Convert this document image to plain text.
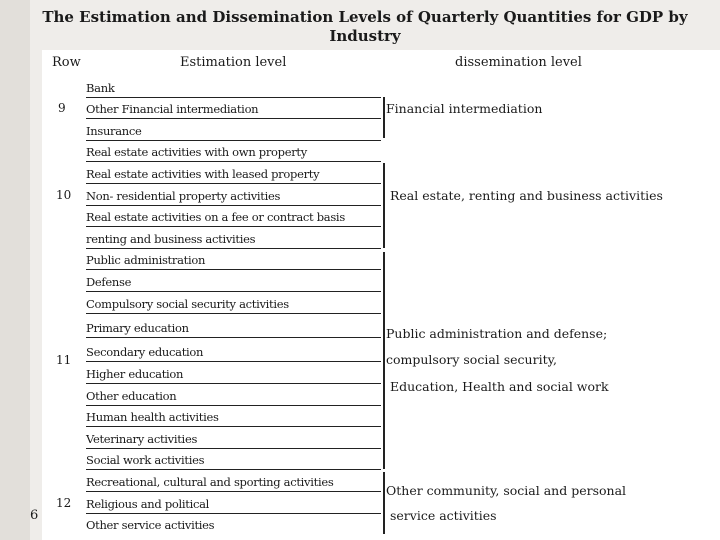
The Estimation and Dissemination Levels of Quarterly Quantities for GDP by Industry
Row	Estimation level	dissemination level
9
10
11
12
Bank
Other Financial intermediation
Insurance
Real estate activities with own property
Real estate activities with leased property
Non- residential property activities
Real estate activities on a fee or contract basis
renting and business activities
Public administration
Defense
Compulsory social security activities
Primary education
Secondary education
Higher education
Other education
Human health activities
Veterinary activities
Social work activities
Recreational, cultural and sporting activities
Religious and political
Other service activities
Financial intermediation
Real estate, renting and business activities
Public administration and defense;
compulsory social security,
Education, Health and social work
Other community, social and personal
service activities
6
